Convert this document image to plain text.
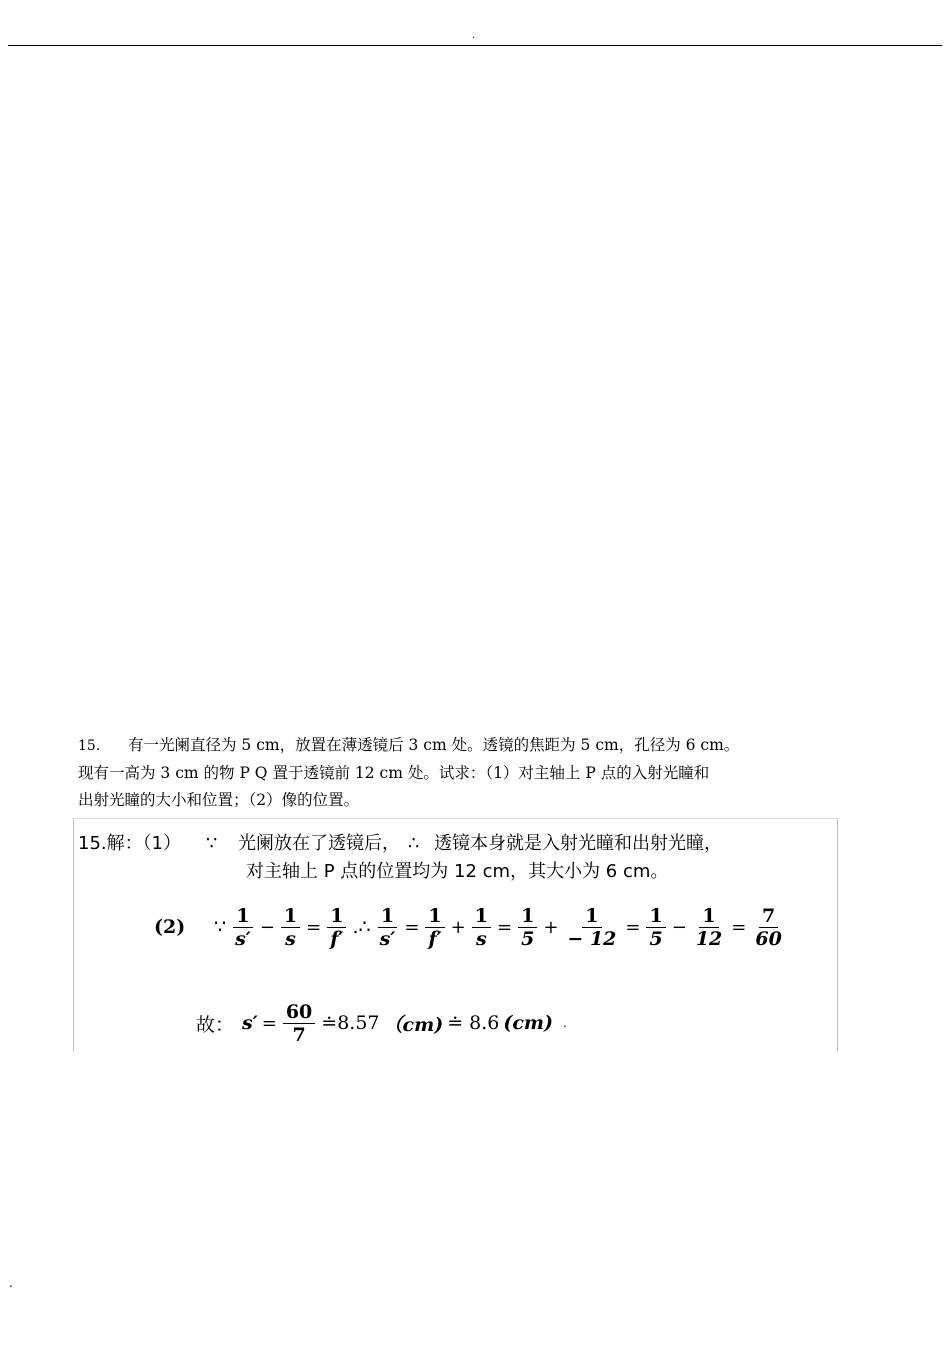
.

15. 有一光阑直径为 5 cm，放置在薄透镜后 3 cm 处。透镜的焦距为 5 cm，孔径为 6 cm。

现有一高为 3 cm 的物 P Q 置于透镜前 12 cm 处。试求：（1）对主轴上 P 点的入射光瞳和

出射光瞳的大小和位置；（2）像的位置。

15.解：（1） ∵ 光阑放在了透镜后， ∴ 透镜本身就是入射光瞳和出射光瞳，
对主轴上 P 点的位置均为 12 cm，其大小为 6 cm。
(2)	∵ $\frac{1}{s'} - \frac{1}{s} = \frac{1}{f'}$ .∴ $\frac{1}{s'} = \frac{1}{f'} + \frac{1}{s} = \frac{1}{5} + \frac{1}{- 12} = \frac{1}{5} - \frac{1}{12} = \frac{7}{60}$
故： $s' = \frac{60}{7}$ ≐8.57 （cm) ≐ 8.6 (cm) .
.
